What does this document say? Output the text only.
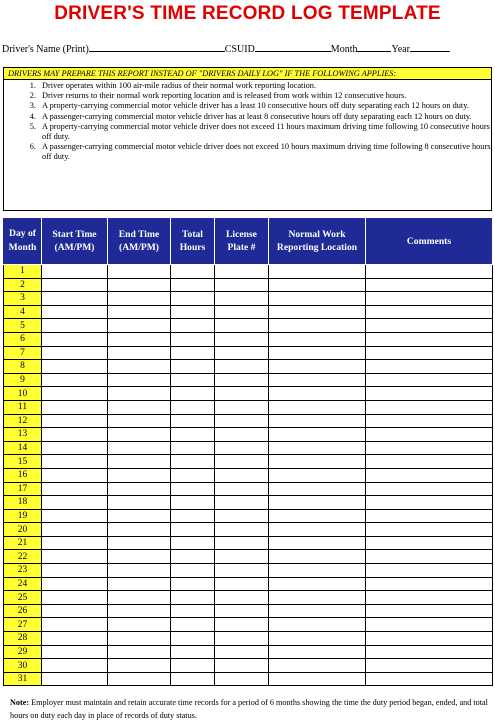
DRIVER'S TIME RECORD LOG TEMPLATE
Driver's Name (Print)	CSUID	Month	Year
DRIVERS MAY PREPARE THIS REPORT INSTEAD OF "DRIVERS DAILY LOG" IF THE FOLLOWING APPLIES:
1. Driver operates within 100 air-mile radius of their normal work reporting location.
2. Driver returns to their normal work reporting location and is released from work within 12 consecutive hours.
3. A property-carrying commercial motor vehicle driver has a least 10 consecutive hours off duty separating each 12 hours on duty.
4. A passenger-carrying commercial motor vehicle driver has at least 8 consecutive hours off duty separating each 12 hours on duty.
5. A property-carrying commercial motor vehicle driver does not exceed 11 hours maximum driving time following 10 consecutive hours off duty.
6. A passenger-carrying commercial motor vehicle driver does not exceed 10 hours maximum driving time following 8 consecutive hours off duty.
Day of Month	Start Time (AM/PM)	End Time (AM/PM)	Total Hours	License Plate #	Normal Work Reporting Location	Comments
1						
2						
3						
4						
5						
6						
7						
8						
9						
10						
11						
12						
13						
14						
15						
16						
17						
18						
19						
20						
21						
22						
23						
24						
25						
26						
27						
28						
29						
30						
31						
Note: Employer must maintain and retain accurate time records for a period of 6 months showing the time the duty period began, ended, and total hours on duty each day in place of records of duty status.
